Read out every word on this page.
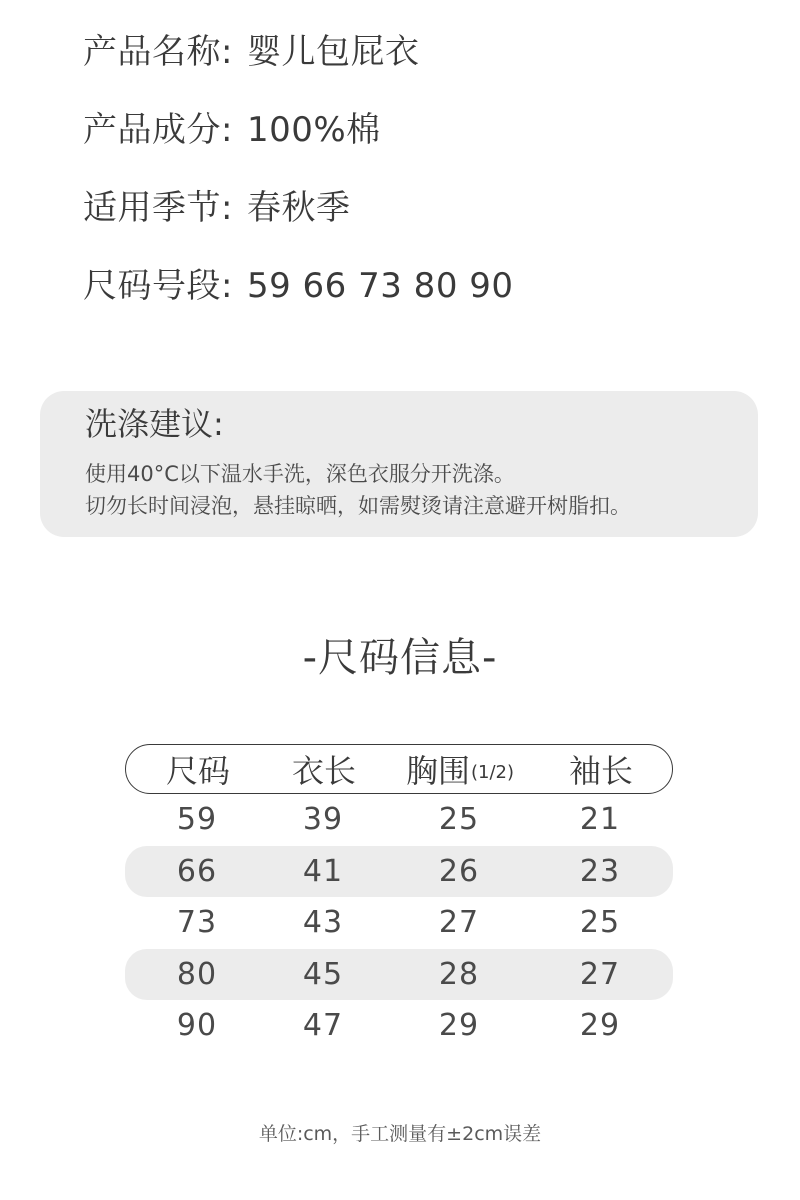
产品名称: 婴儿包屁衣
产品成分: 100%棉
适用季节: 春秋季
尺码号段: 59 66 73 80 90
洗涤建议:
使用40°C以下温水手洗，深色衣服分开洗涤。
切勿长时间浸泡，悬挂晾晒，如需熨烫请注意避开树脂扣。
-尺码信息-
尺码 衣长 胸围 (1/2) 袖长
59	39	25	21
66	41	26	23
73	43	27	25
80	45	28	27
90	47	29	29
单位:cm，手工测量有±2cm误差
